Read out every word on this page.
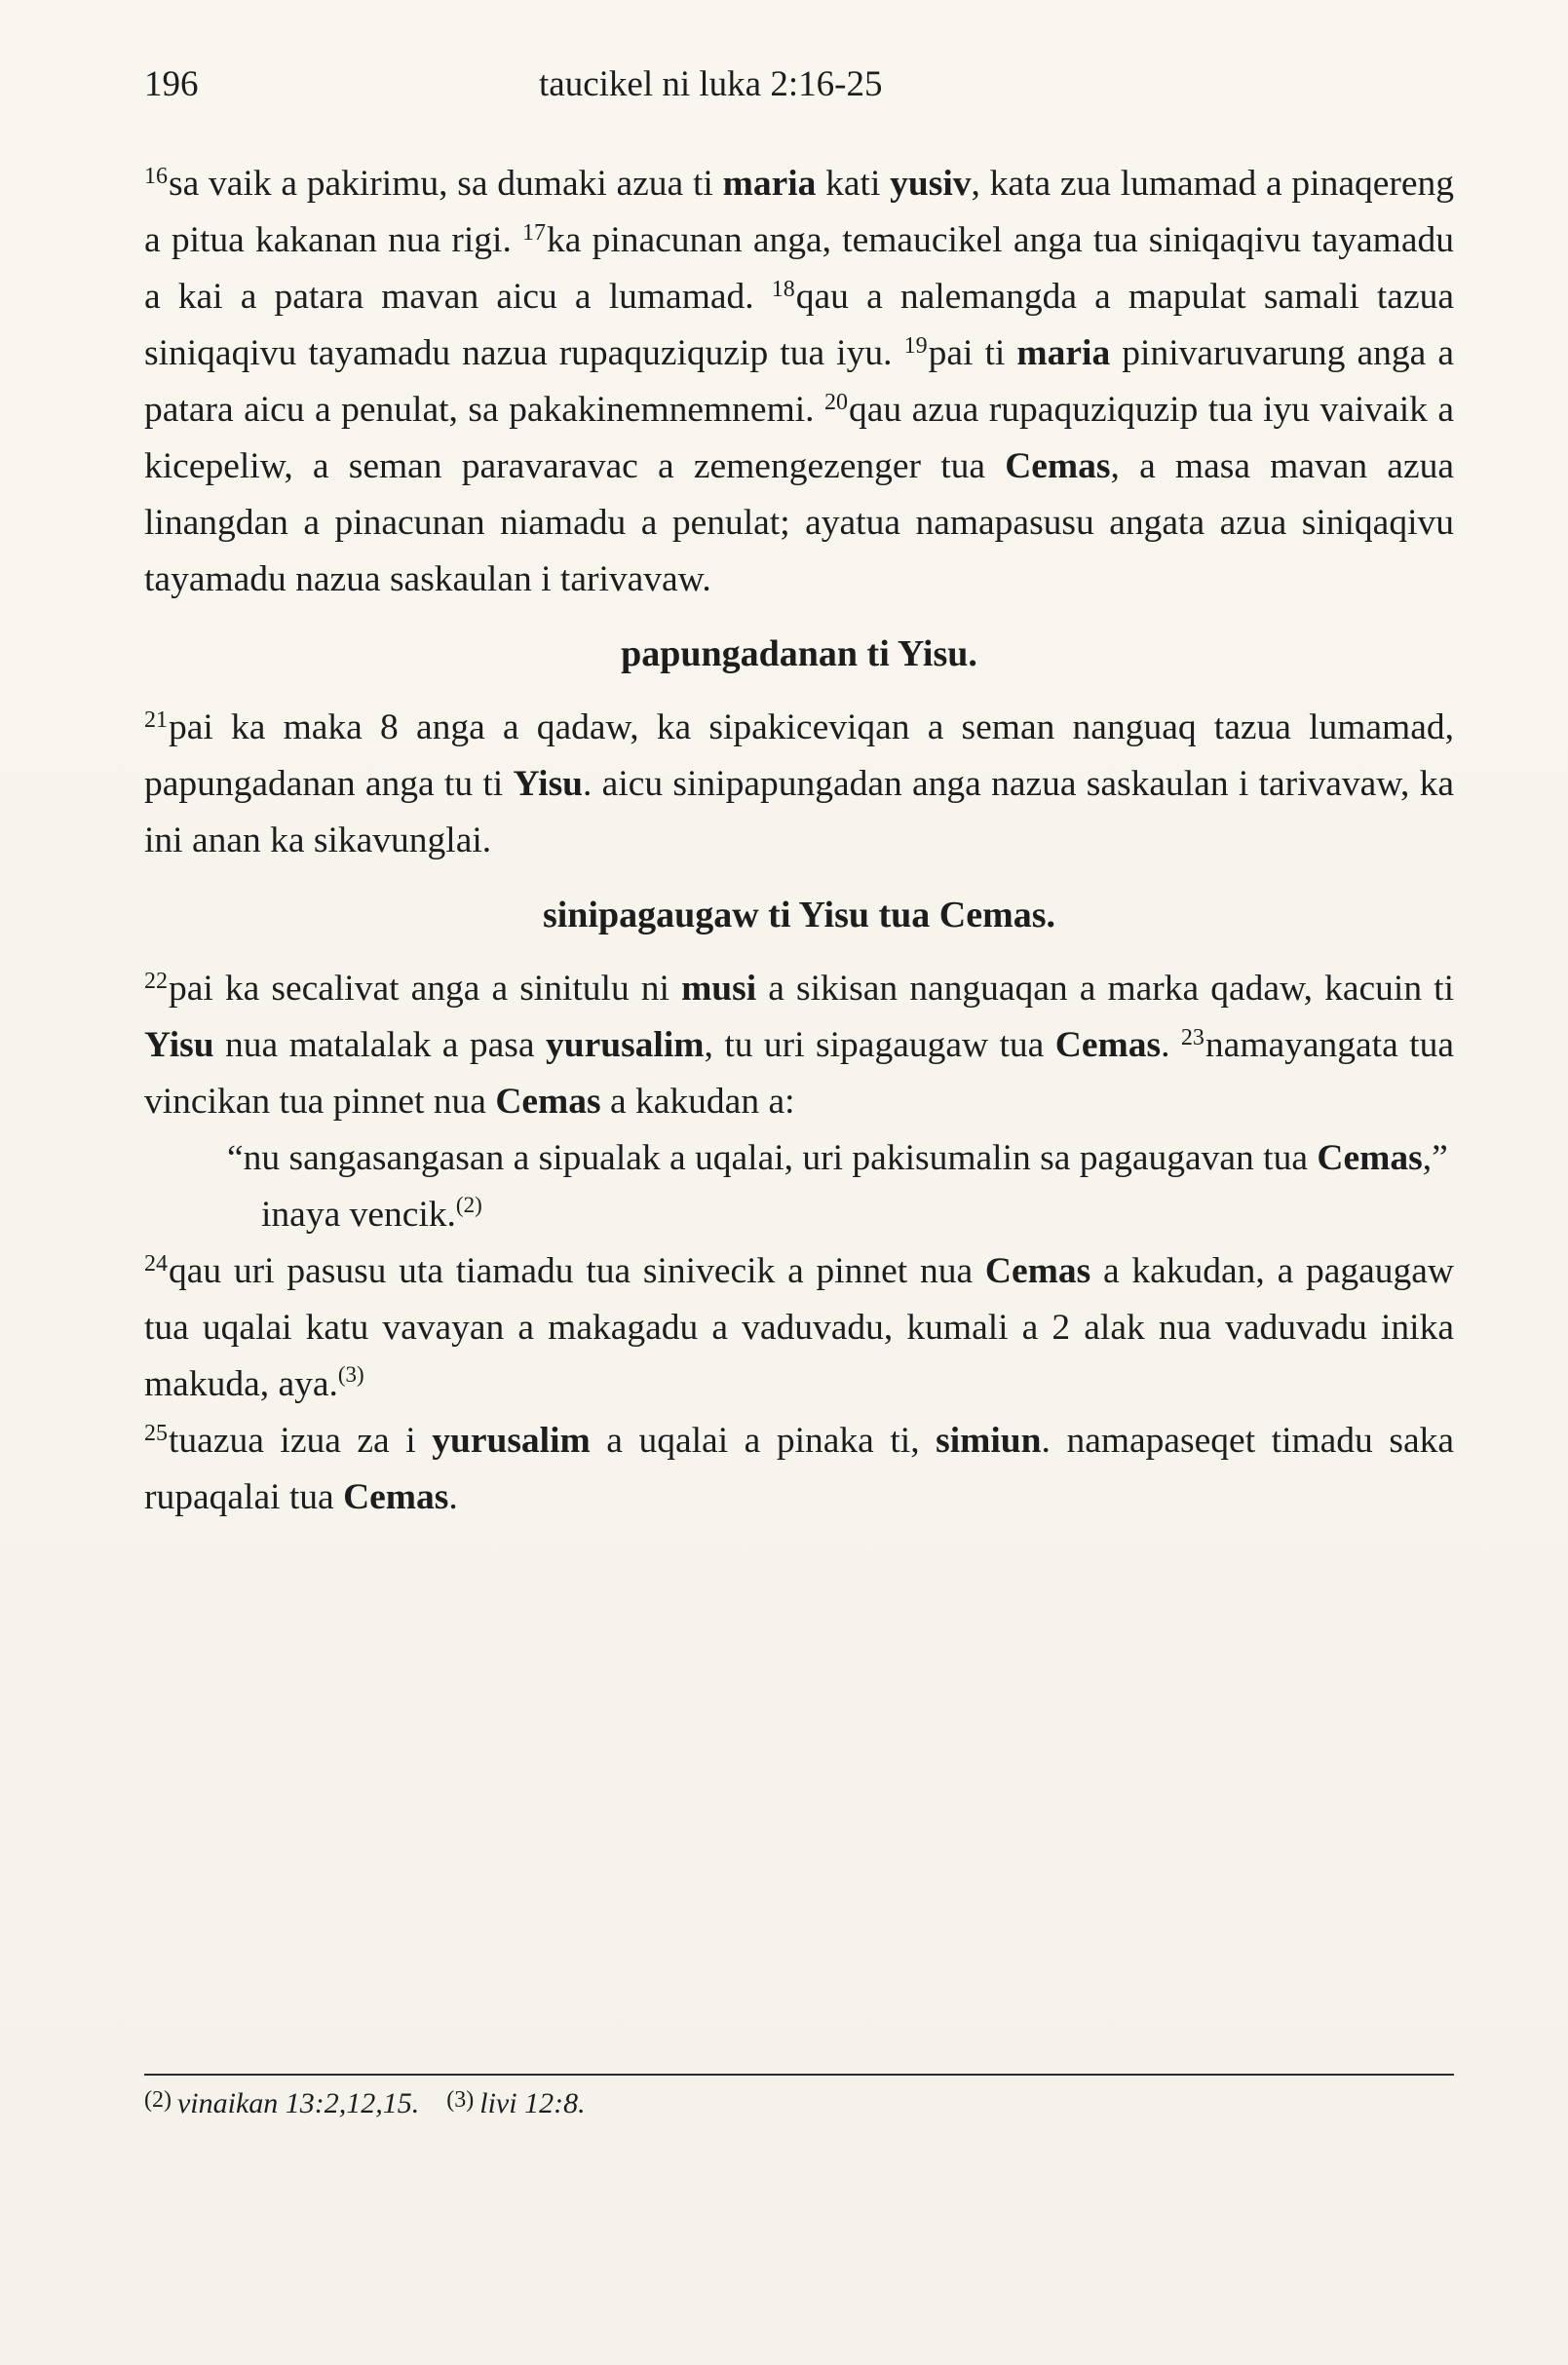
196	taucikel ni luka 2:16-25

$^{16}$sa vaik a pakirimu, sa dumaki azua ti maria kati yusiv, kata zua lumamad a pinaqereng a pitua kakanan nua rigi. $^{17}$ka pinacunan anga, temaucikel anga tua siniqaqivu tayamadu a kai a patara mavan aicu a lumamad. $^{18}$qau a nalemangda a mapulat samali tazua siniqaqivu tayamadu nazua rupaquziquzip tua iyu. $^{19}$pai ti maria pinivaruvarung anga a patara aicu a penulat, sa pakakinemnemnemi. $^{20}$qau azua rupaquziquzip tua iyu vaivaik a kicepeliw, a seman paravaravac a zemengezenger tua Cemas, a masa mavan azua linangdan a pinacunan niamadu a penulat; ayatua namapasusu angata azua siniqaqivu tayamadu nazua saskaulan i tarivavaw.

papungadanan ti Yisu.

$^{21}$pai ka maka 8 anga a qadaw, ka sipakiceviqan a seman nanguaq tazua lumamad, papungadanan anga tu ti Yisu. aicu sinipapungadan anga nazua saskaulan i tarivavaw, ka ini anan ka sikavunglai.

sinipagaugaw ti Yisu tua Cemas.

$^{22}$pai ka secalivat anga a sinitulu ni musi a sikisan nanguaqan a marka qadaw, kacuin ti Yisu nua matalalak a pasa yurusalim, tu uri sipagaugaw tua Cemas. $^{23}$namayangata tua vincikan tua pinnet nua Cemas a kakudan a:

“nu sangasangasan a sipualak a uqalai, uri pakisumalin sa pagaugavan tua Cemas,” inaya vencik.$^{(2)}$

$^{24}$qau uri pasusu uta tiamadu tua sinivecik a pinnet nua Cemas a kakudan, a pagaugaw tua uqalai katu vavayan a makagadu a vaduvadu, kumali a 2 alak nua vaduvadu inika makuda, aya.$^{(3)}$

$^{25}$tuazua izua za i yurusalim a uqalai a pinaka ti, simiun. namapaseqet timadu saka rupaqalai tua Cemas.

$^{(2)}$ vinaikan 13:2,12,15. $^{(3)}$ livi 12:8.
